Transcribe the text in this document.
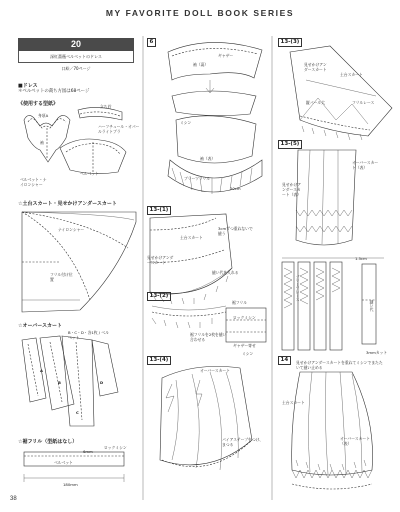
MY FAVORITE DOLL BOOK SERIES
20
深紅薔薇ベルベットのドレス
口絵／70ページ
■ドレス
＊ベルベットの裁ち方図は68ページ
《使用する型紙》
身頃A
立ち衿
ハーフチュール・オパールライトブラ
袖
ベルベット
ベルベット・ナイロンシャー
☆土台スカート・見せかけアンダースカート
ナイロンシャー
フリル付け位置
☆オーバースカート
B・C・D・各1枚 / ベルベット
A
B
C
D
☆裾フリル（型紙はなし）
ベルベット
6mm
180mm
ロックミシン
6
袖（裏）
ギャザー
ミシン
袖（表）
ブリーツフリル
20cm
13-(1)
土台スカート
3cmずつ重ねないで縫う
縫い代を入れる
見せかけアンダースカート
13-(2)
裾フリル
ロックミシン
ギャザー寄せ
ミシン
裾フリルを2枚を縫い合わせる
13-(4)
オーバースカート
パイアステープをつけ、まつる
13-(3)
見せかけアンダースカート
土台スカート
縦パール大	フリルレース
13-(5)
オーバースカート（表）
見せかけアンダースカート（表）
ブリーツレース
1.5cm
縫い代
14	見せかけアンダースカートを重ねてミシンでまたたいて縫い止める
土台スカート
オーバースカート（表）
3mmカット
38
